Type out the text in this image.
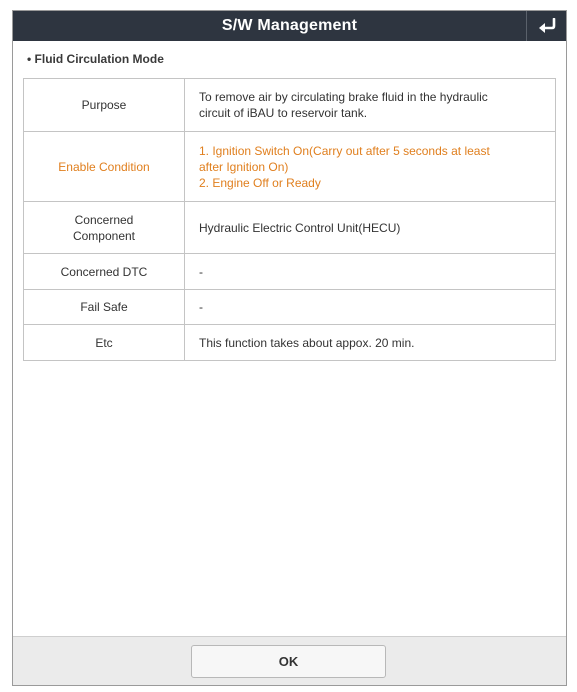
S/W Management
• Fluid Circulation Mode
Purpose	To remove air by circulating brake fluid in the hydraulic
circuit of iBAU to reservoir tank.

Enable Condition	1. Ignition Switch On(Carry out after 5 seconds at least
after Ignition On)
2. Engine Off or Ready

Concerned
Component	Hydraulic Electric Control Unit(HECU)
Concerned DTC	-
Fail Safe	-
Etc	This function takes about appox. 20 min.
OK
